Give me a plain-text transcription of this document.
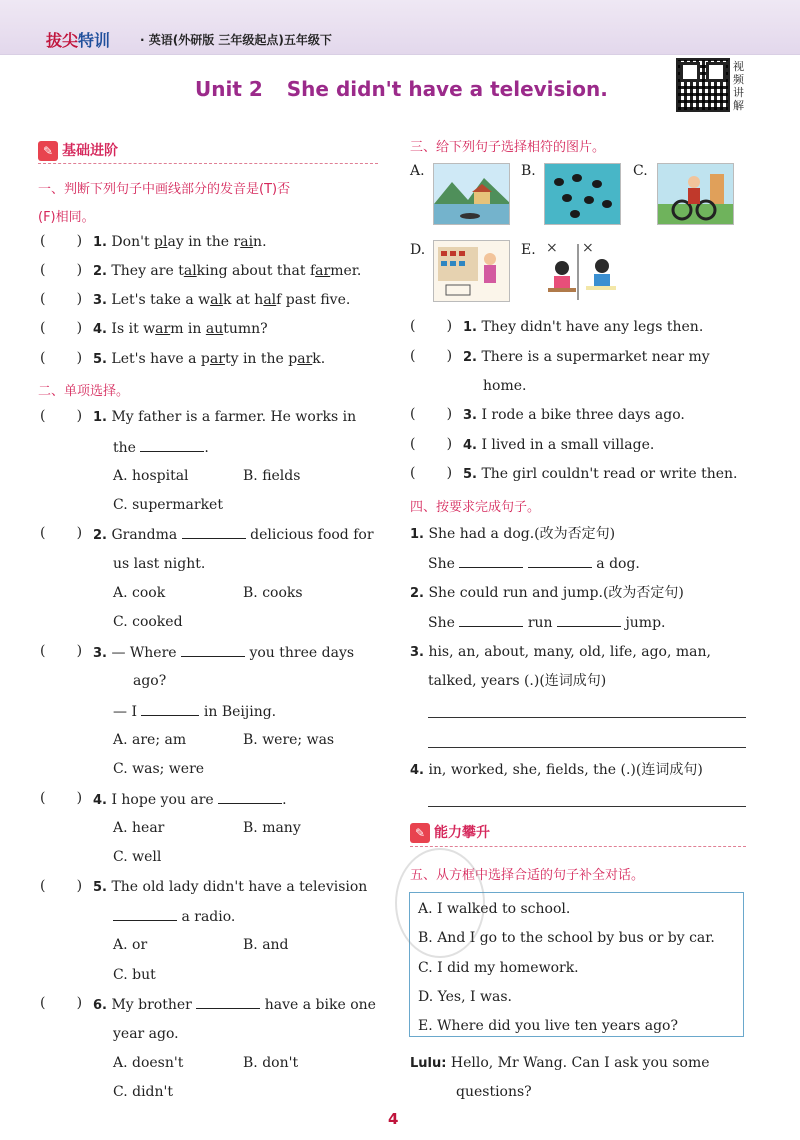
拔尖特训 · 英语(外研版 三年级起点)五年级下
Unit 2 She didn't have a television.
视频讲解
✎ 基础进阶
一、判断下列句子中画线部分的发音是(T)否
(F)相同。
(       ) 1. Don't play in the rain.
(       ) 2. They are talking about that farmer.
(       ) 3. Let's take a walk at half past five.
(       ) 4. Is it warm in autumn?
(       ) 5. Let's have a party in the park.
二、单项选择。
(       ) 1. My father is a farmer. He works in
the	.
A. hospital	B. fields
C. supermarket
(       ) 2. Grandma	delicious food for
us last night.
A. cook	B. cooks
C. cooked
(       ) 3. — Where	you three days
ago?
— I	in Beijing.
A. are; am	B. were; was
C. was; were
(       ) 4. I hope you are	.
A. hear	B. many
C. well
(       ) 5. The old lady didn't have a television
a radio.
A. or	B. and
C. but
(       ) 6. My brother	have a bike one
year ago.
A. doesn't	B. don't
C. didn't
三、给下列句子选择相符的图片。
A.	B.	C.
D.	E. × ×
(       ) 1. They didn't have any legs then.
(       ) 2. There is a supermarket near my
home.
(       ) 3. I rode a bike three days ago.
(       ) 4. I lived in a small village.
(       ) 5. The girl couldn't read or write then.
四、按要求完成句子。
1. She had a dog.(改为否定句)
She	a dog.
2. She could run and jump.(改为否定句)
She	run	jump.
3. his, an, about, many, old, life, ago, man,
talked, years (.)(连词成句)
4. in, worked, she, fields, the (.)(连词成句)
✎ 能力攀升
五、从方框中选择合适的句子补全对话。
A. I walked to school.
B. And I go to the school by bus or by car.
C. I did my homework.
D. Yes, I was.
E. Where did you live ten years ago?
Lulu: Hello, Mr Wang. Can I ask you some
questions?
4
